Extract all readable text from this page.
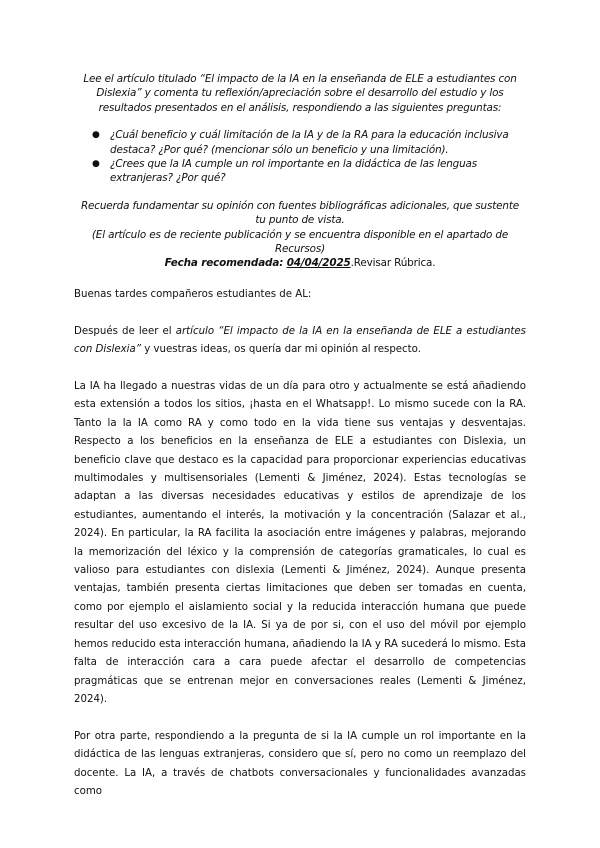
Lee el artículo titulado “El impacto de la IA en la enseñanda de ELE a estudiantes con Dislexia” y comenta tu reflexión/apreciación sobre el desarrollo del estudio y los resultados presentados en el análisis, respondiendo a las siguientes preguntas:

● ¿Cuál beneficio y cuál limitación de la IA y de la RA para la educación inclusiva destaca? ¿Por qué? (mencionar sólo un beneficio y una limitación).
● ¿Crees que la IA cumple un rol importante en la didáctica de las lenguas extranjeras? ¿Por qué?

Recuerda fundamentar su opinión con fuentes bibliográficas adicionales, que sustente tu punto de vista.

(El artículo es de reciente publicación y se encuentra disponible en el apartado de Recursos)

Fecha recomendada: 04/04/2025.Revisar Rúbrica.

Buenas tardes compañeros estudiantes de AL:

Después de leer el artículo “El impacto de la IA en la enseñanda de ELE a estudiantes con Dislexia” y vuestras ideas, os quería dar mi opinión al respecto.

La IA ha llegado a nuestras vidas de un día para otro y actualmente se está añadiendo esta extensión a todos los sitios, ¡hasta en el Whatsapp!. Lo mismo sucede con la RA. Tanto la la IA como RA y como todo en la vida tiene sus ventajas y desventajas. Respecto a los beneficios en la enseñanza de ELE a estudiantes con Dislexia, un beneficio clave que destaco es la capacidad para proporcionar experiencias educativas multimodales y multisensoriales (Lementi & Jiménez, 2024). Estas tecnologías se adaptan a las diversas necesidades educativas y estilos de aprendizaje de los estudiantes, aumentando el interés, la motivación y la concentración (Salazar et al., 2024). En particular, la RA facilita la asociación entre imágenes y palabras, mejorando la memorización del léxico y la comprensión de categorías gramaticales, lo cual es valioso para estudiantes con dislexia (Lementi & Jiménez, 2024). Aunque presenta ventajas, también presenta ciertas limitaciones que deben ser tomadas en cuenta, como por ejemplo el aislamiento social y la reducida interacción humana que puede resultar del uso excesivo de la IA. Si ya de por si, con el uso del móvil por ejemplo hemos reducido esta interacción humana, añadiendo la IA y RA sucederá lo mismo. Esta falta de interacción cara a cara puede afectar el desarrollo de competencias pragmáticas que se entrenan mejor en conversaciones reales (Lementi & Jiménez, 2024).

Por otra parte, respondiendo a la pregunta de si la IA cumple un rol importante en la didáctica de las lenguas extranjeras, considero que sí, pero no como un reemplazo del docente. La IA, a través de chatbots conversacionales y funcionalidades avanzadas como
